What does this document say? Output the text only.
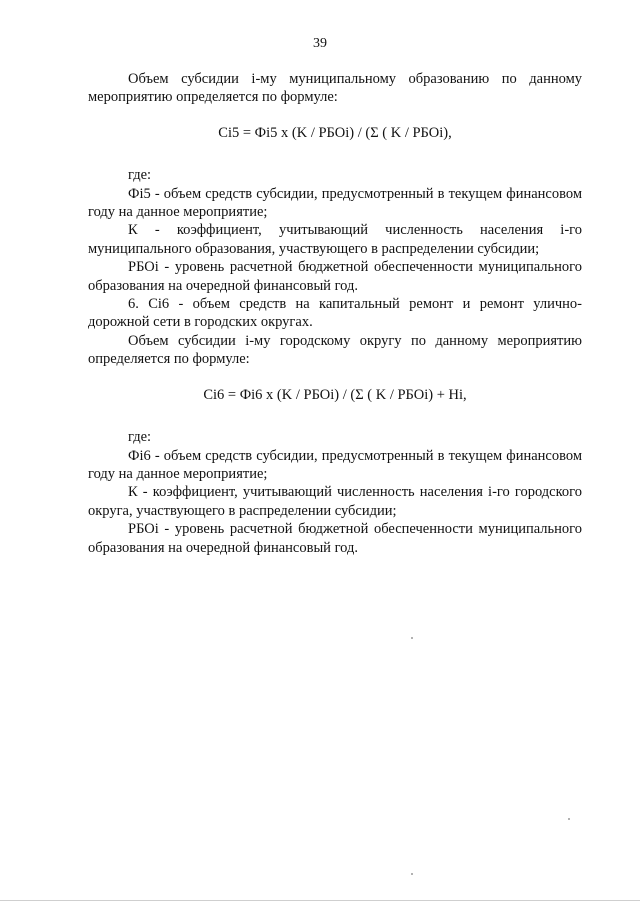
39

Объем субсидии i-му муниципальному образованию по данному мероприятию определяется по формуле:

Ci5 = Фi5 x (K / РБОi) / (Σ ( K / РБОi),

где:

Фi5 - объем средств субсидии, предусмотренный в текущем финансовом году на данное мероприятие;

К - коэффициент, учитывающий численность населения i-го муниципального образования, участвующего в распределении субсидии;

РБОi - уровень расчетной бюджетной обеспеченности муниципального образования на очередной финансовый год.

6. Ci6 - объем средств на капитальный ремонт и ремонт улично-дорожной сети в городских округах.

Объем субсидии i-му городскому округу по данному мероприятию определяется по формуле:

Ci6 = Фi6 x (K / РБОi) / (Σ ( K / РБОi) + Hi,

где:

Фi6 - объем средств субсидии, предусмотренный в текущем финансовом году на данное мероприятие;

К - коэффициент, учитывающий численность населения i-го городского округа, участвующего в распределении субсидии;

РБОi - уровень расчетной бюджетной обеспеченности муниципального образования на очередной финансовый год.
